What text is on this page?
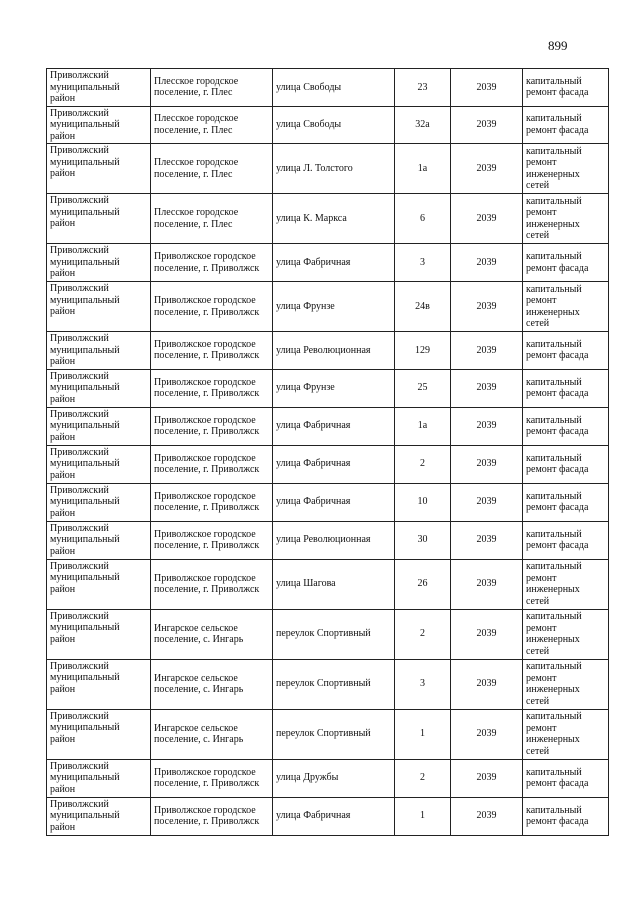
899
Приволжский муниципальный район	Плесское городское поселение, г. Плес	улица Свободы	23	2039	капитальный ремонт фасада
Приволжский муниципальный район	Плесское городское поселение, г. Плес	улица Свободы	32а	2039	капитальный ремонт фасада
Приволжский муниципальный район	Плесское городское поселение, г. Плес	улица Л. Толстого	1а	2039	капитальный ремонт инженерных сетей
Приволжский муниципальный район	Плесское городское поселение, г. Плес	улица К. Маркса	6	2039	капитальный ремонт инженерных сетей
Приволжский муниципальный район	Приволжское городское поселение, г. Приволжск	улица Фабричная	3	2039	капитальный ремонт фасада
Приволжский муниципальный район	Приволжское городское поселение, г. Приволжск	улица Фрунзе	24в	2039	капитальный ремонт инженерных сетей
Приволжский муниципальный район	Приволжское городское поселение, г. Приволжск	улица Революционная	129	2039	капитальный ремонт фасада
Приволжский муниципальный район	Приволжское городское поселение, г. Приволжск	улица Фрунзе	25	2039	капитальный ремонт фасада
Приволжский муниципальный район	Приволжское городское поселение, г. Приволжск	улица Фабричная	1а	2039	капитальный ремонт фасада
Приволжский муниципальный район	Приволжское городское поселение, г. Приволжск	улица Фабричная	2	2039	капитальный ремонт фасада
Приволжский муниципальный район	Приволжское городское поселение, г. Приволжск	улица Фабричная	10	2039	капитальный ремонт фасада
Приволжский муниципальный район	Приволжское городское поселение, г. Приволжск	улица Революционная	30	2039	капитальный ремонт фасада
Приволжский муниципальный район	Приволжское городское поселение, г. Приволжск	улица Шагова	26	2039	капитальный ремонт инженерных сетей
Приволжский муниципальный район	Ингарское сельское поселение, с. Ингарь	переулок Спортивный	2	2039	капитальный ремонт инженерных сетей
Приволжский муниципальный район	Ингарское сельское поселение, с. Ингарь	переулок Спортивный	3	2039	капитальный ремонт инженерных сетей
Приволжский муниципальный район	Ингарское сельское поселение, с. Ингарь	переулок Спортивный	1	2039	капитальный ремонт инженерных сетей
Приволжский муниципальный район	Приволжское городское поселение, г. Приволжск	улица Дружбы	2	2039	капитальный ремонт фасада
Приволжский муниципальный район	Приволжское городское поселение, г. Приволжск	улица Фабричная	1	2039	капитальный ремонт фасада
